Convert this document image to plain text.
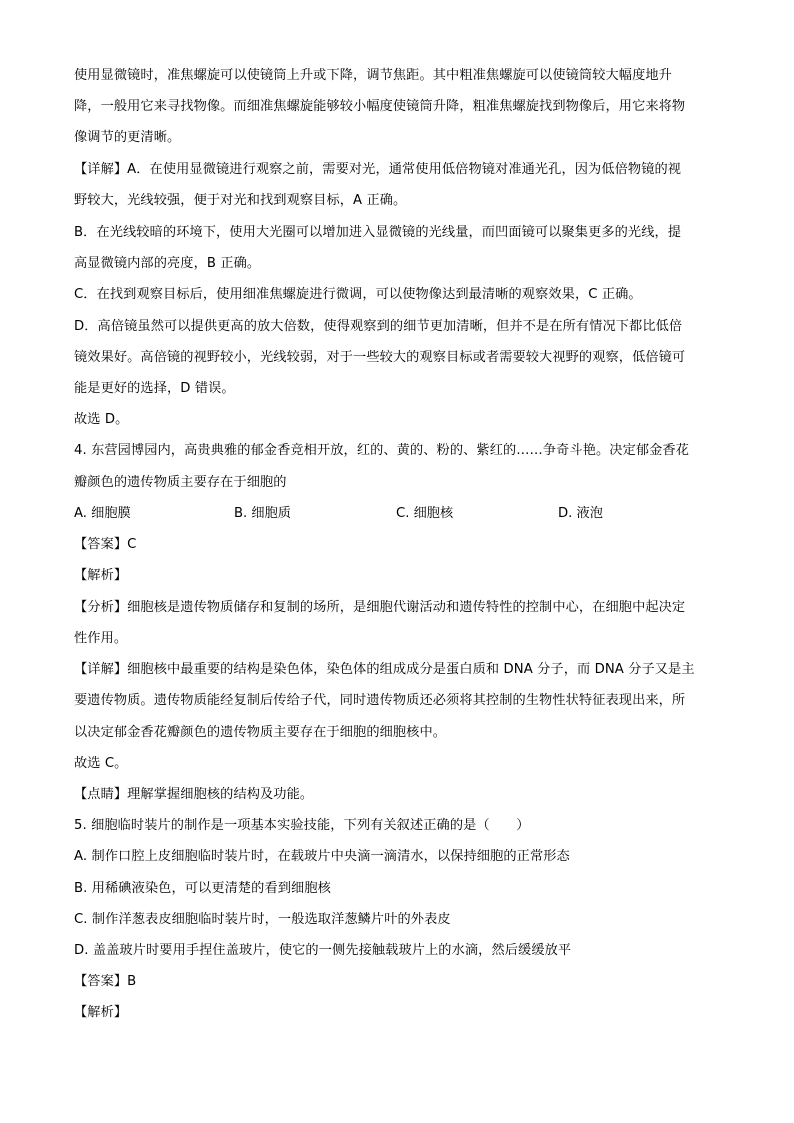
使用显微镜时，准焦螺旋可以使镜筒上升或下降，调节焦距。其中粗准焦螺旋可以使镜筒较大幅度地升
降，一般用它来寻找物像。而细准焦螺旋能够较小幅度使镜筒升降，粗准焦螺旋找到物像后，用它来将物
像调节的更清晰。
【详解】A．在使用显微镜进行观察之前，需要对光，通常使用低倍物镜对准通光孔，因为低倍物镜的视
野较大，光线较强，便于对光和找到观察目标，A 正确。
B．在光线较暗的环境下，使用大光圈可以增加进入显微镜的光线量，而凹面镜可以聚集更多的光线，提
高显微镜内部的亮度，B 正确。
C．在找到观察目标后，使用细准焦螺旋进行微调，可以使物像达到最清晰的观察效果，C 正确。
D．高倍镜虽然可以提供更高的放大倍数，使得观察到的细节更加清晰，但并不是在所有情况下都比低倍
镜效果好。高倍镜的视野较小，光线较弱，对于一些较大的观察目标或者需要较大视野的观察，低倍镜可
能是更好的选择，D 错误。
故选 D。
4. 东营园博园内，高贵典雅的郁金香竞相开放，红的、黄的、粉的、紫红的……争奇斗艳。决定郁金香花
瓣颜色的遗传物质主要存在于细胞的
A. 细胞膜	B. 细胞质	C. 细胞核	D. 液泡
【答案】C
【解析】
【分析】细胞核是遗传物质储存和复制的场所，是细胞代谢活动和遗传特性的控制中心，在细胞中起决定
性作用。
【详解】细胞核中最重要的结构是染色体，染色体的组成成分是蛋白质和 DNA 分子，而 DNA 分子又是主
要遗传物质。遗传物质能经复制后传给子代，同时遗传物质还必须将其控制的生物性状特征表现出来，所
以决定郁金香花瓣颜色的遗传物质主要存在于细胞的细胞核中。
故选 C。
【点睛】理解掌握细胞核的结构及功能。
5. 细胞临时装片的制作是一项基本实验技能，下列有关叙述正确的是（　　）
A. 制作口腔上皮细胞临时装片时，在载玻片中央滴一滴清水，以保持细胞的正常形态
B. 用稀碘液染色，可以更清楚的看到细胞核
C. 制作洋葱表皮细胞临时装片时，一般选取洋葱鳞片叶的外表皮
D. 盖盖玻片时要用手捏住盖玻片，使它的一侧先接触载玻片上的水滴，然后缓缓放平
【答案】B
【解析】
